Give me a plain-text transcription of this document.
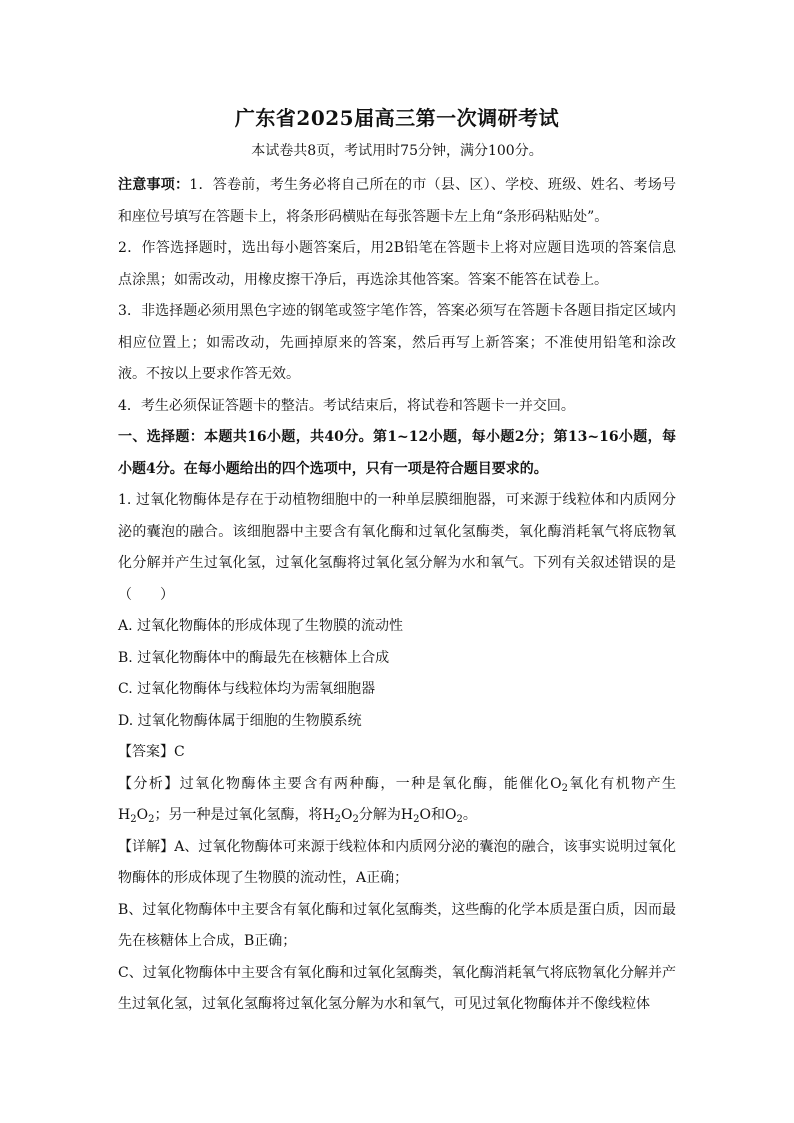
广东省2025届高三第一次调研考试
本试卷共8页，考试用时75分钟，满分100分。

注意事项：1．答卷前，考生务必将自己所在的市（县、区）、学校、班级、姓名、考场号和座位号填写在答题卡上，将条形码横贴在每张答题卡左上角“条形码粘贴处”。

2．作答选择题时，选出每小题答案后，用2B铅笔在答题卡上将对应题目选项的答案信息点涂黑；如需改动，用橡皮擦干净后，再选涂其他答案。答案不能答在试卷上。

3．非选择题必须用黑色字迹的钢笔或签字笔作答，答案必须写在答题卡各题目指定区域内相应位置上；如需改动，先画掉原来的答案，然后再写上新答案；不准使用铅笔和涂改液。不按以上要求作答无效。

4．考生必须保证答题卡的整洁。考试结束后，将试卷和答题卡一并交回。

一、选择题：本题共16小题，共40分。第1~12小题，每小题2分；第13~16小题，每小题4分。在每小题给出的四个选项中，只有一项是符合题目要求的。

1. 过氧化物酶体是存在于动植物细胞中的一种单层膜细胞器，可来源于线粒体和内质网分泌的囊泡的融合。该细胞器中主要含有氧化酶和过氧化氢酶类，氧化酶消耗氧气将底物氧化分解并产生过氧化氢，过氧化氢酶将过氧化氢分解为水和氧气。下列有关叙述错误的是（　　）

A. 过氧化物酶体的形成体现了生物膜的流动性

B. 过氧化物酶体中的酶最先在核糖体上合成

C. 过氧化物酶体与线粒体均为需氧细胞器

D. 过氧化物酶体属于细胞的生物膜系统

【答案】C

【分析】过氧化物酶体主要含有两种酶，一种是氧化酶，能催化$O_2$氧化有机物产生$H_2O_2$；另一种是过氧化氢酶，将$H_2O_2$分解为$H_2O$和$O_2$。

【详解】A、过氧化物酶体可来源于线粒体和内质网分泌的囊泡的融合，该事实说明过氧化物酶体的形成体现了生物膜的流动性，A正确；

B、过氧化物酶体中主要含有氧化酶和过氧化氢酶类，这些酶的化学本质是蛋白质，因而最先在核糖体上合成，B正确；

C、过氧化物酶体中主要含有氧化酶和过氧化氢酶类，氧化酶消耗氧气将底物氧化分解并产生过氧化氢，过氧化氢酶将过氧化氢分解为水和氧气，可见过氧化物酶体并不像线粒体
